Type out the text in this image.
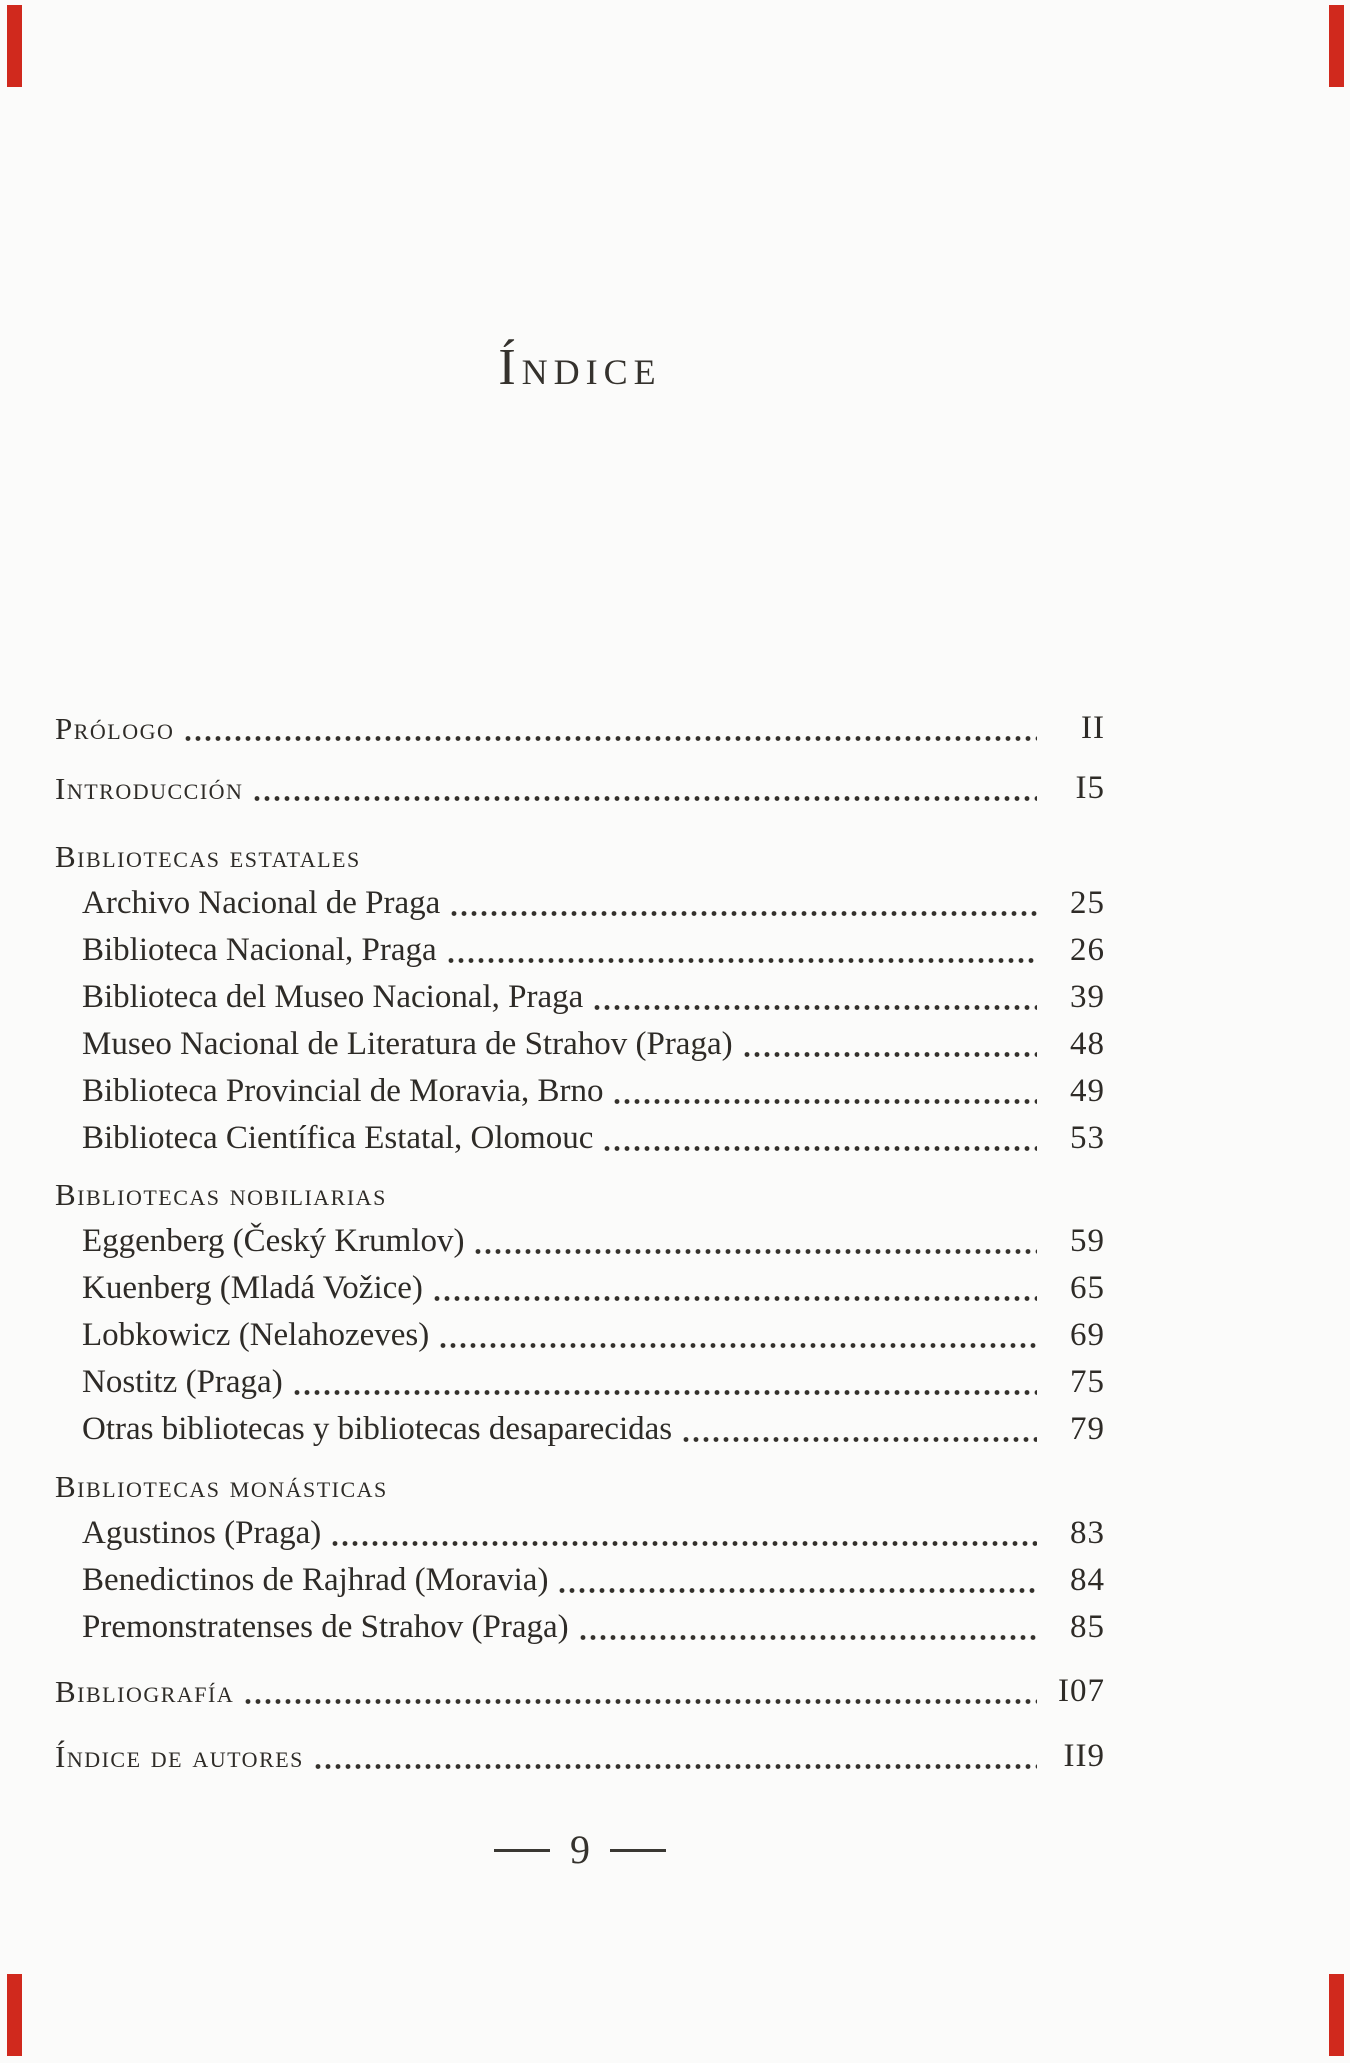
Índice
Prólogo	II
Introducción	I5
Bibliotecas estatales
Archivo Nacional de Praga	25
Biblioteca Nacional, Praga	26
Biblioteca del Museo Nacional, Praga	39
Museo Nacional de Literatura de Strahov (Praga)	48
Biblioteca Provincial de Moravia, Brno	49
Biblioteca Científica Estatal, Olomouc	53
Bibliotecas nobiliarias
Eggenberg (Český Krumlov)	59
Kuenberg (Mladá Vožice)	65
Lobkowicz (Nelahozeves)	69
Nostitz (Praga)	75
Otras bibliotecas y bibliotecas desaparecidas	79
Bibliotecas monásticas
Agustinos (Praga)	83
Benedictinos de Rajhrad (Moravia)	84
Premonstratenses de Strahov (Praga)	85
Bibliografía	I07
Índice de autores	II9
9
